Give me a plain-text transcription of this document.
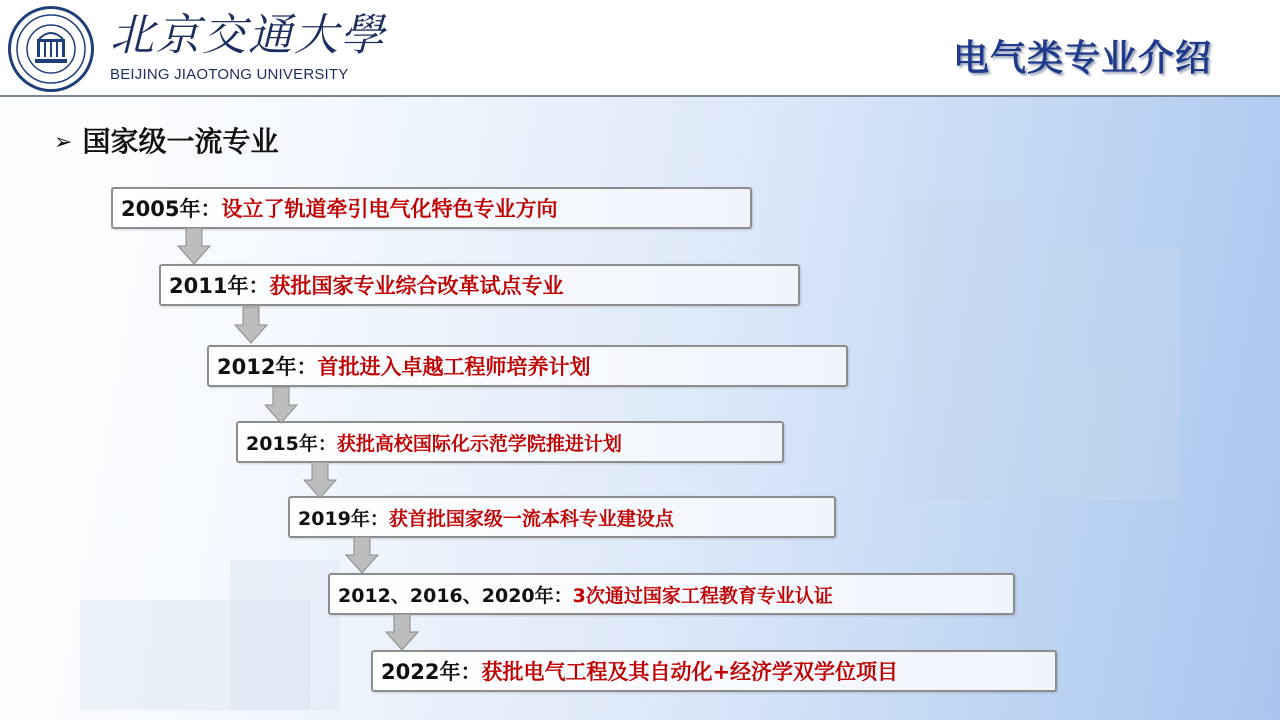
北京交通大學
BEIJING JIAOTONG UNIVERSITY	电气类专业介绍
➢ 国家级一流专业
2005年： 设立了轨道牵引电气化特色专业方向
2011年： 获批国家专业综合改革试点专业
2012年： 首批进入卓越工程师培养计划
2015年： 获批高校国际化示范学院推进计划
2019年： 获首批国家级一流本科专业建设点
2012、2016、2020年： 3次通过国家工程教育专业认证
2022年： 获批电气工程及其自动化+经济学双学位项目
